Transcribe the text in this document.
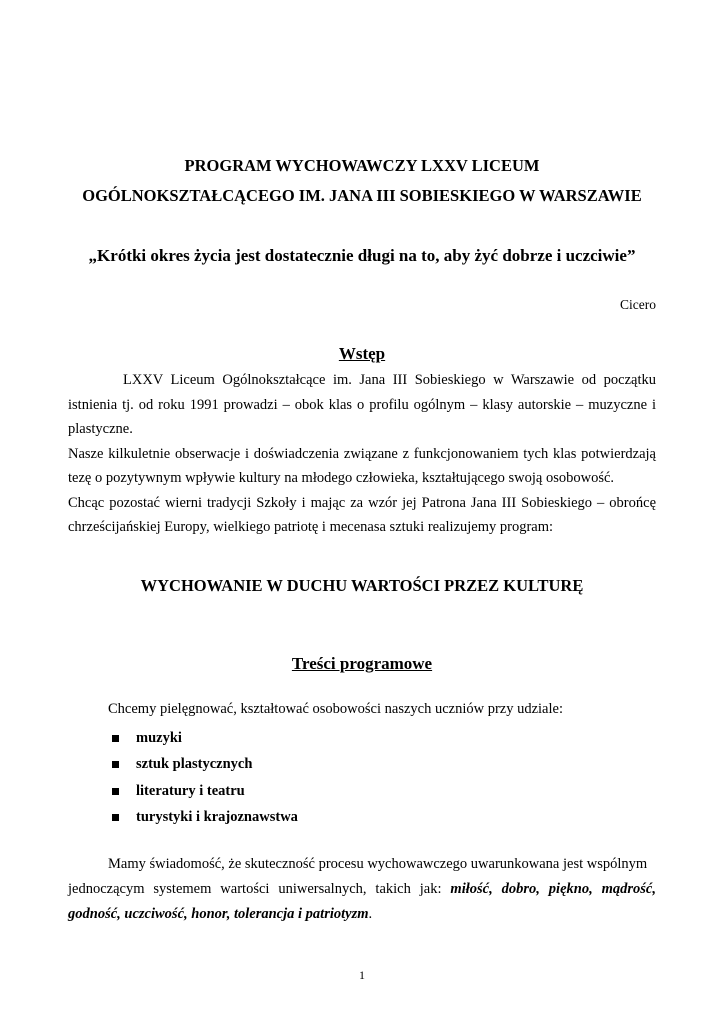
PROGRAM WYCHOWAWCZY LXXV LICEUM
OGÓLNOKSZTAŁCĄCEGO IM. JANA III SOBIESKIEGO W WARSZAWIE
„Krótki okres życia jest dostatecznie długi na to, aby żyć dobrze i uczciwie”
Cicero
Wstęp
LXXV Liceum Ogólnokształcące im. Jana III Sobieskiego w Warszawie od początku
istnienia tj. od roku 1991 prowadzi – obok klas o profilu ogólnym – klasy autorskie – muzyczne i
plastyczne.
Nasze kilkuletnie obserwacje i doświadczenia związane z funkcjonowaniem tych klas potwierdzają
tezę o pozytywnym wpływie kultury na młodego człowieka, kształtującego swoją osobowość.
Chcąc pozostać wierni tradycji Szkoły i mając za wzór jej Patrona Jana III Sobieskiego – obrońcę
chrześcijańskiej Europy, wielkiego patriotę i mecenasa sztuki realizujemy program:
WYCHOWANIE W DUCHU WARTOŚCI PRZEZ KULTURĘ
Treści programowe
Chcemy pielęgnować, kształtować osobowości naszych uczniów przy udziale:
muzyki
sztuk plastycznych
literatury i teatru
turystyki i krajoznawstwa
Mamy świadomość, że skuteczność procesu wychowawczego uwarunkowana jest wspólnym
jednoczącym systemem wartości uniwersalnych, takich jak: miłość, dobro, piękno, mądrość,
godność, uczciwość, honor, tolerancja i patriotyzm.
1
